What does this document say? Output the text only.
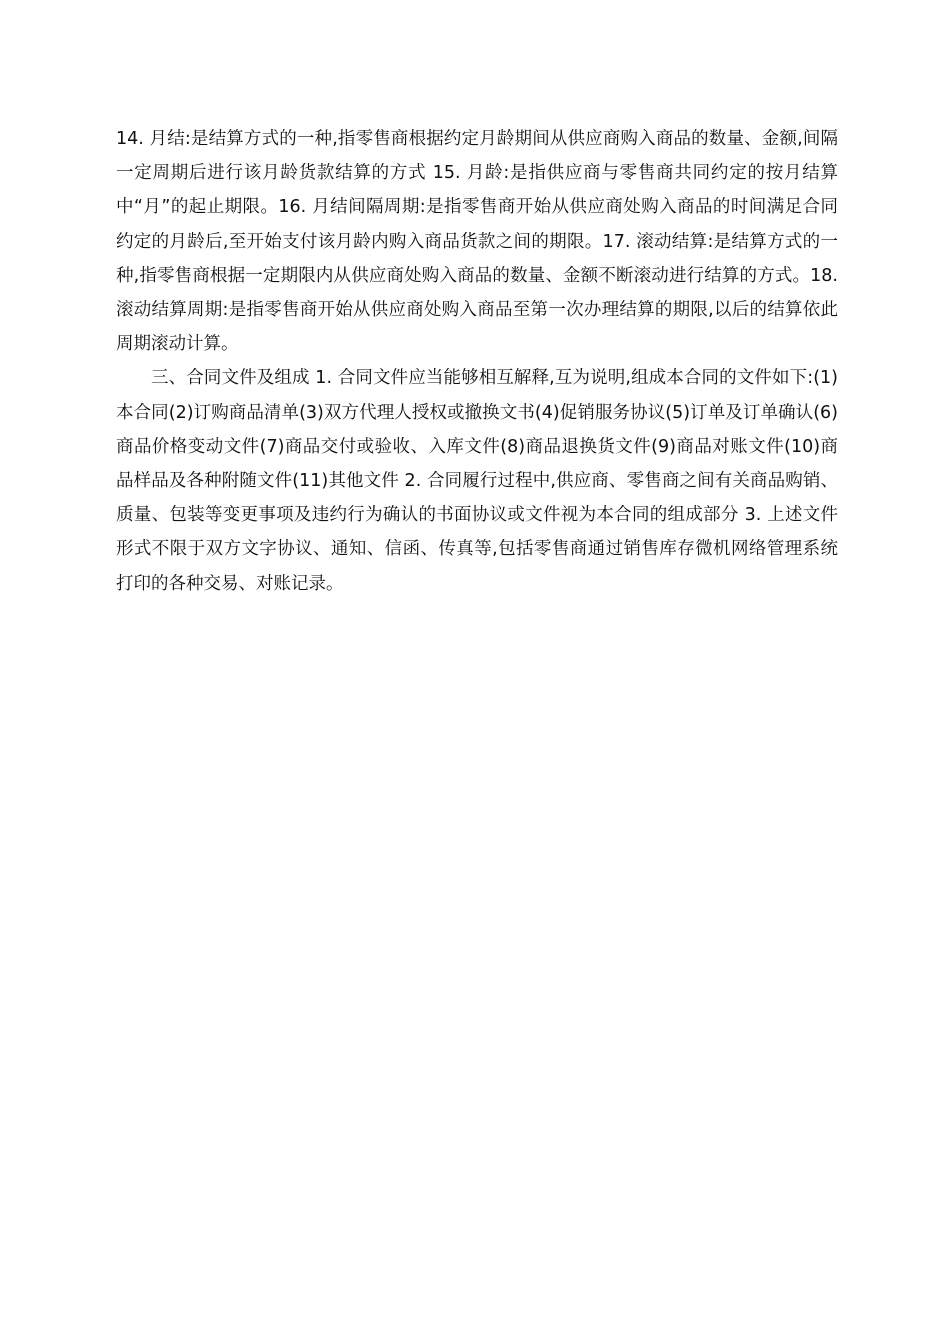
14. 月结:是结算方式的一种,指零售商根据约定月龄期间从供应商购入商品的数量、金额,间隔一定周期后进行该月龄货款结算的方式 15. 月龄:是指供应商与零售商共同约定的按月结算中“月”的起止期限。16. 月结间隔周期:是指零售商开始从供应商处购入商品的时间满足合同约定的月龄后,至开始支付该月龄内购入商品货款之间的期限。17. 滚动结算:是结算方式的一种,指零售商根据一定期限内从供应商处购入商品的数量、金额不断滚动进行结算的方式。18. 滚动结算周期:是指零售商开始从供应商处购入商品至第一次办理结算的期限,以后的结算依此周期滚动计算。

三、合同文件及组成 1. 合同文件应当能够相互解释,互为说明,组成本合同的文件如下:(1)本合同(2)订购商品清单(3)双方代理人授权或撤换文书(4)促销服务协议(5)订单及订单确认(6)商品价格变动文件(7)商品交付或验收、入库文件(8)商品退换货文件(9)商品对账文件(10)商品样品及各种附随文件(11)其他文件 2. 合同履行过程中,供应商、零售商之间有关商品购销、质量、包装等变更事项及违约行为确认的书面协议或文件视为本合同的组成部分 3. 上述文件形式不限于双方文字协议、通知、信函、传真等,包括零售商通过销售库存微机网络管理系统打印的各种交易、对账记录。
